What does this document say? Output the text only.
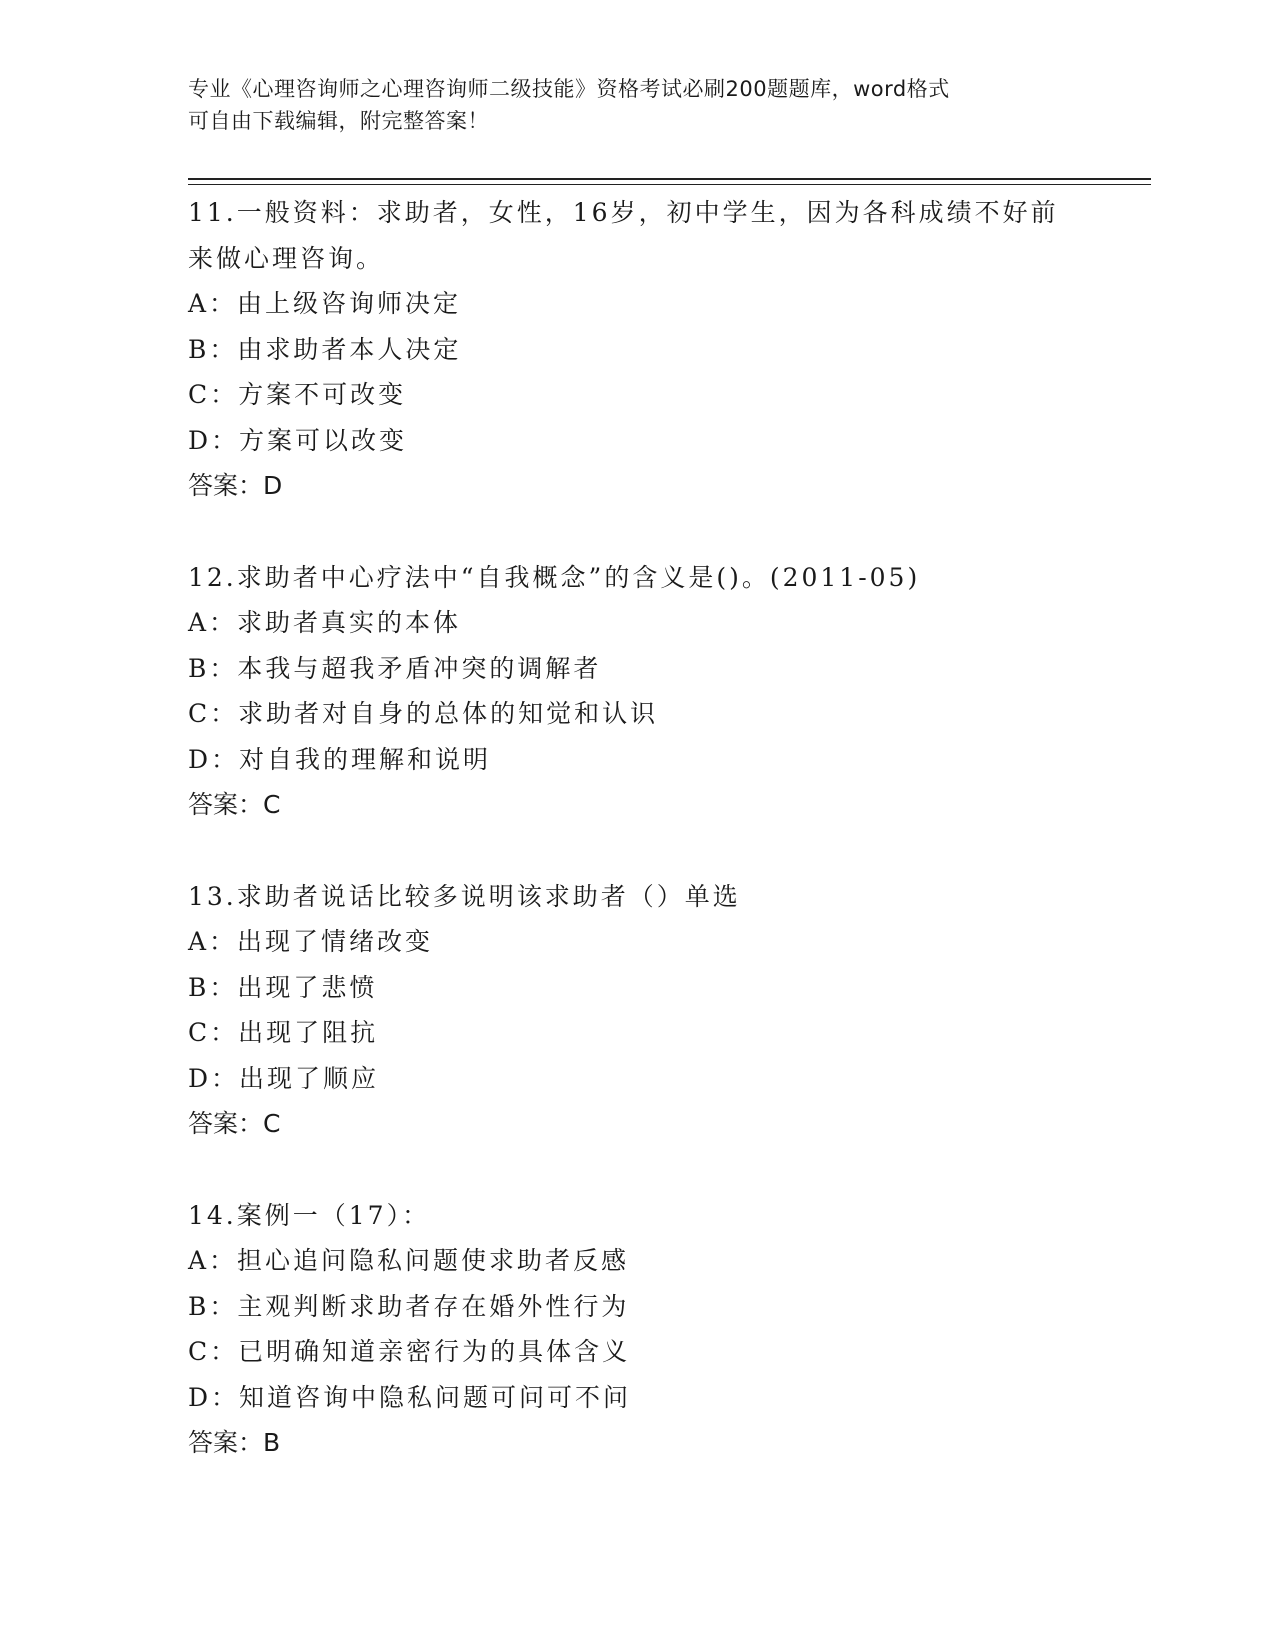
专业《心理咨询师之心理咨询师二级技能》资格考试必刷200题题库，word格式
可自由下载编辑，附完整答案！
11.一般资料：求助者，女性，16岁，初中学生，因为各科成绩不好前
来做心理咨询。
A：由上级咨询师决定
B：由求助者本人决定
C：方案不可改变
D：方案可以改变
答案：D
12.求助者中心疗法中“自我概念”的含义是()。(2011-05)
A：求助者真实的本体
B：本我与超我矛盾冲突的调解者
C：求助者对自身的总体的知觉和认识
D：对自我的理解和说明
答案：C
13.求助者说话比较多说明该求助者（）单选
A：出现了情绪改变
B：出现了悲愤
C：出现了阻抗
D：出现了顺应
答案：C
14.案例一（17）：
A：担心追问隐私问题使求助者反感
B：主观判断求助者存在婚外性行为
C：已明确知道亲密行为的具体含义
D：知道咨询中隐私问题可问可不问
答案：B
